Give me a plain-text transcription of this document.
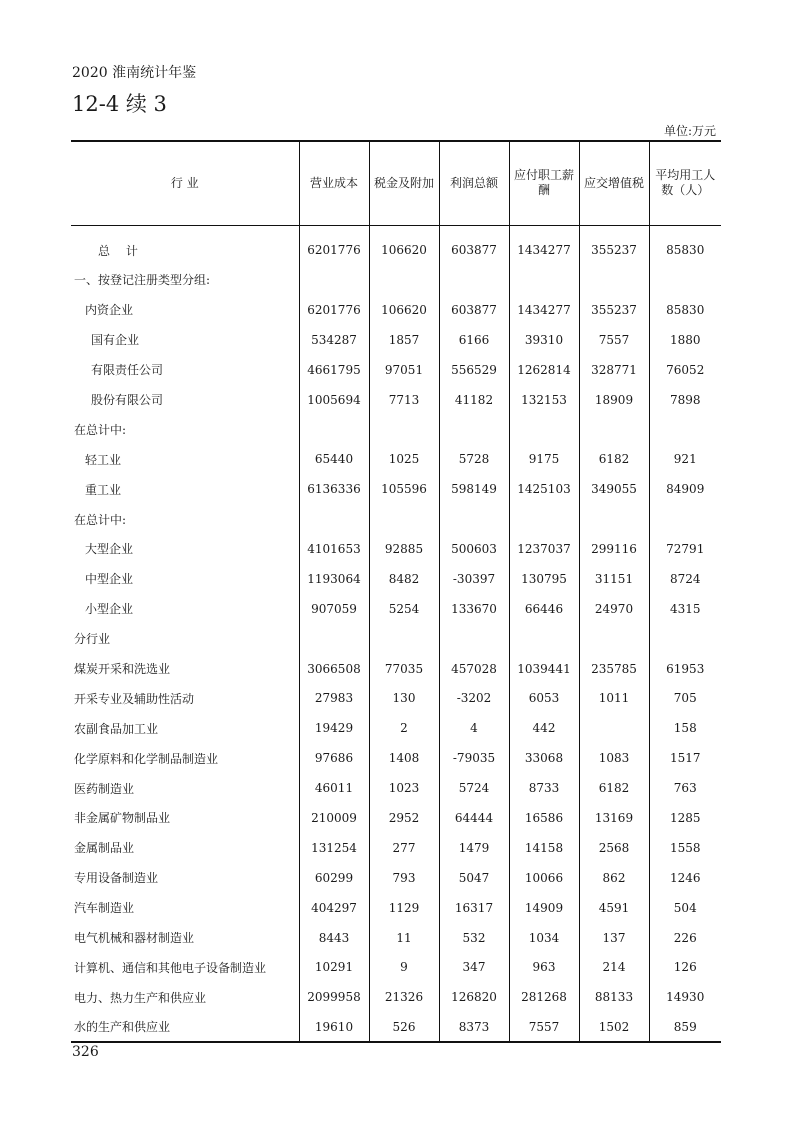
2020 淮南统计年鉴
12-4 续 3
单位:万元
行 业	营业成本	税金及附加	利润总额	应付职工薪酬	应交增值税	平均用工人数（人）
总 计	6201776	106620	603877	1434277	355237	85830
一、按登记注册类型分组:						
内资企业	6201776	106620	603877	1434277	355237	85830
国有企业	534287	1857	6166	39310	7557	1880
有限责任公司	4661795	97051	556529	1262814	328771	76052
股份有限公司	1005694	7713	41182	132153	18909	7898
在总计中:						
轻工业	65440	1025	5728	9175	6182	921
重工业	6136336	105596	598149	1425103	349055	84909
在总计中:						
大型企业	4101653	92885	500603	1237037	299116	72791
中型企业	1193064	8482	-30397	130795	31151	8724
小型企业	907059	5254	133670	66446	24970	4315
分行业						
煤炭开采和洗选业	3066508	77035	457028	1039441	235785	61953
开采专业及辅助性活动	27983	130	-3202	6053	1011	705
农副食品加工业	19429	2	4	442		158
化学原料和化学制品制造业	97686	1408	-79035	33068	1083	1517
医药制造业	46011	1023	5724	8733	6182	763
非金属矿物制品业	210009	2952	64444	16586	13169	1285
金属制品业	131254	277	1479	14158	2568	1558
专用设备制造业	60299	793	5047	10066	862	1246
汽车制造业	404297	1129	16317	14909	4591	504
电气机械和器材制造业	8443	11	532	1034	137	226
计算机、通信和其他电子设备制造业	10291	9	347	963	214	126
电力、热力生产和供应业	2099958	21326	126820	281268	88133	14930
水的生产和供应业	19610	526	8373	7557	1502	859
326
